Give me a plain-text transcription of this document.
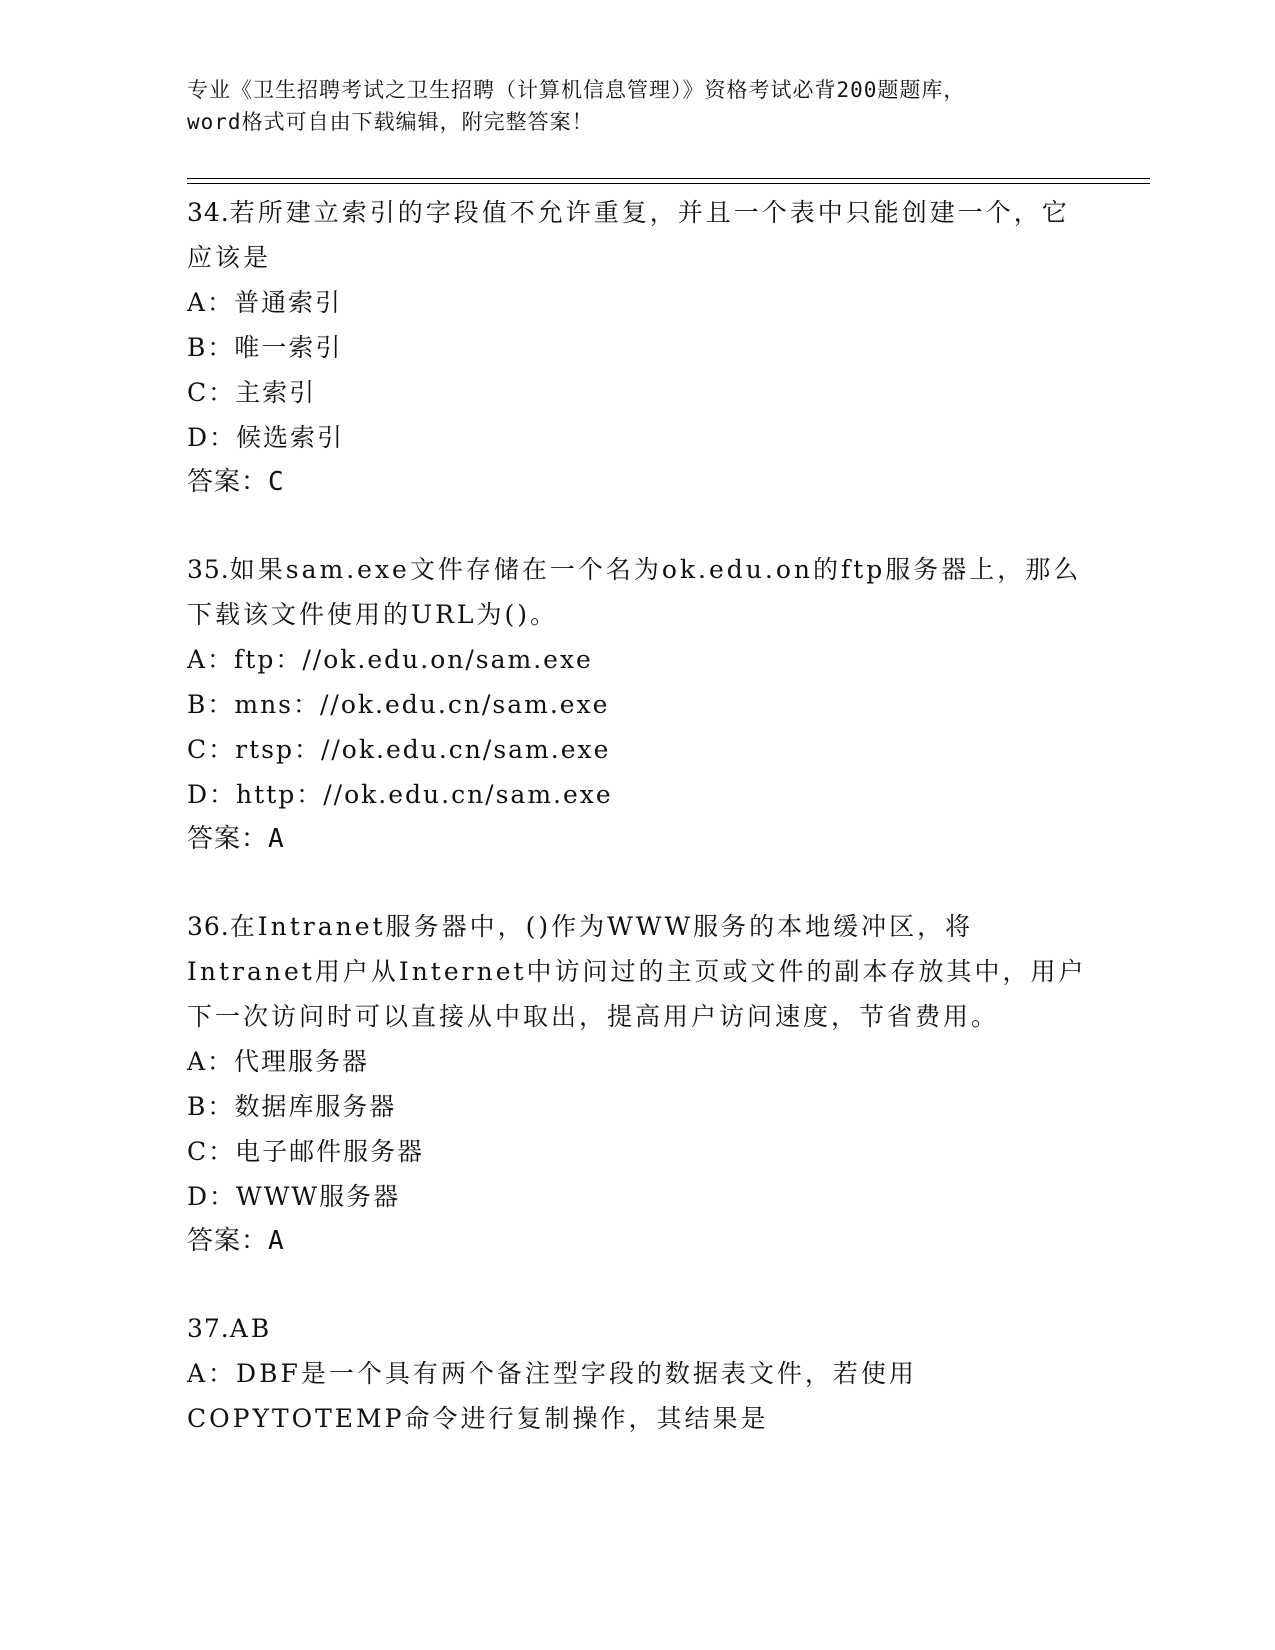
专业《卫生招聘考试之卫生招聘（计算机信息管理）》资格考试必背200题题库，
word格式可自由下载编辑，附完整答案！
34.若所建立索引的字段值不允许重复，并且一个表中只能创建一个，它应该是
A：普通索引
B：唯一索引
C：主索引
D：候选索引
答案：C
35.如果sam.exe文件存储在一个名为ok.edu.on的ftp服务器上，那么下载该文件使用的URL为()。
A：ftp：//ok.edu.on/sam.exe
B：mns：//ok.edu.cn/sam.exe
C：rtsp：//ok.edu.cn/sam.exe
D：http：//ok.edu.cn/sam.exe
答案：A
36.在Intranet服务器中，()作为WWW服务的本地缓冲区，将Intranet用户从Internet中访问过的主页或文件的副本存放其中，用户下一次访问时可以直接从中取出，提高用户访问速度，节省费用。
A：代理服务器
B：数据库服务器
C：电子邮件服务器
D：WWW服务器
答案：A
37.AB
A：DBF是一个具有两个备注型字段的数据表文件，若使用COPYTOTEMP命令进行复制操作，其结果是
